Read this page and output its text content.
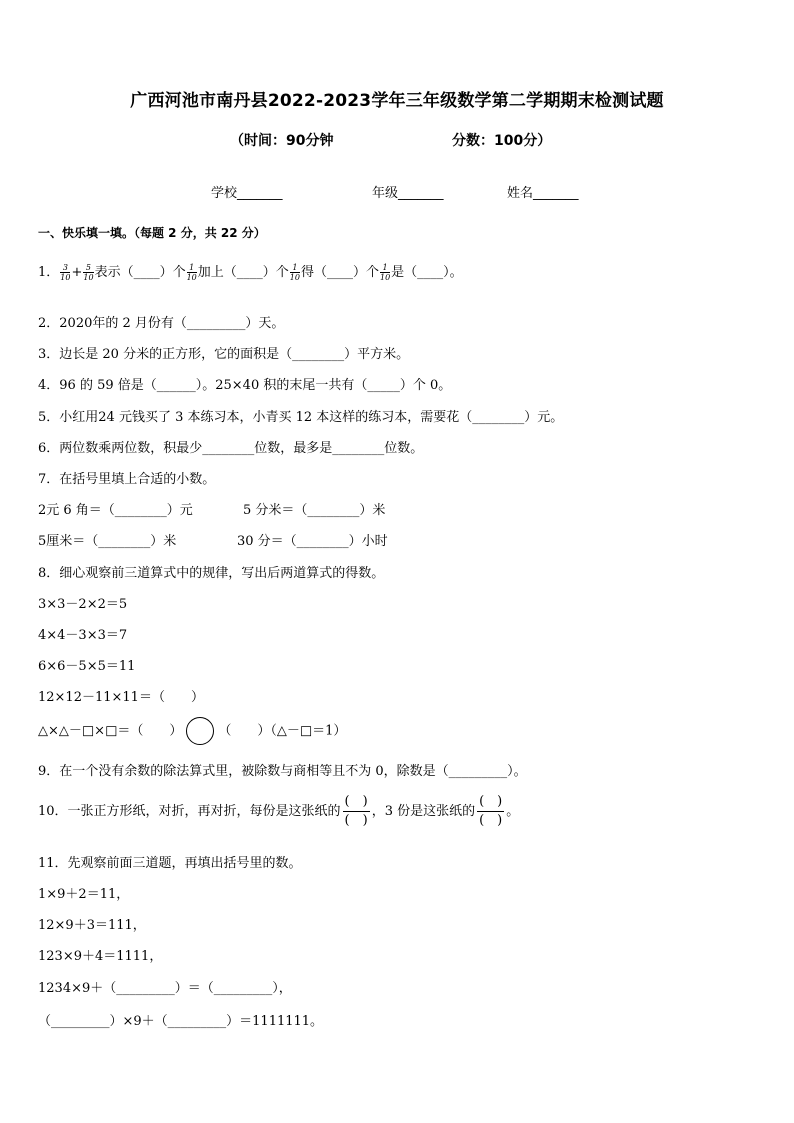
广西河池市南丹县2022-2023学年三年级数学第二学期期末检测试题
（时间：90分钟	分数：100分）
学校_______	年级_______	姓名_______
一、快乐填一填。（每题 2 分，共 22 分）
1． $\frac{3}{10} + \frac{5}{10}$ 表示（____）个 $\frac{1}{10}$ 加上（____）个 $\frac{1}{10}$ 得（____）个 $\frac{1}{10}$ 是（____）。
2．2020年的 2 月份有（_________）天。
3．边长是 20 分米的正方形，它的面积是（________）平方米。
4．96 的 59 倍是（______）。25×40 积的末尾一共有（_____）个 0。
5．小红用24 元钱买了 3 本练习本，小青买 12 本这样的练习本，需要花（________）元。
6．两位数乘两位数，积最少________位数，最多是________位数。
7．在括号里填上合适的小数。
2元 6 角＝（________）元	5 分米＝（________）米
5厘米＝（________）米	30 分＝（________）小时
8．细心观察前三道算式中的规律，写出后两道算式的得数。
3×3－2×2＝5
4×4－3×3＝7
6×6－5×5＝11
12×12－11×11＝（　　）
△×△－□×□＝（　　）	（　　）（△－□＝1）
9．在一个没有余数的除法算式里，被除数与商相等且不为 0，除数是（_________）。
10．一张正方形纸，对折，再对折，每份是这张纸的
(　)
(　)
，3 份是这张纸的
(　)
(　)
。
11．先观察前面三道题，再填出括号里的数。
1×9＋2＝11，
12×9＋3＝111，
123×9＋4＝1111，
1234×9＋（_________）＝（_________），
（_________）×9＋（_________）＝1111111。
